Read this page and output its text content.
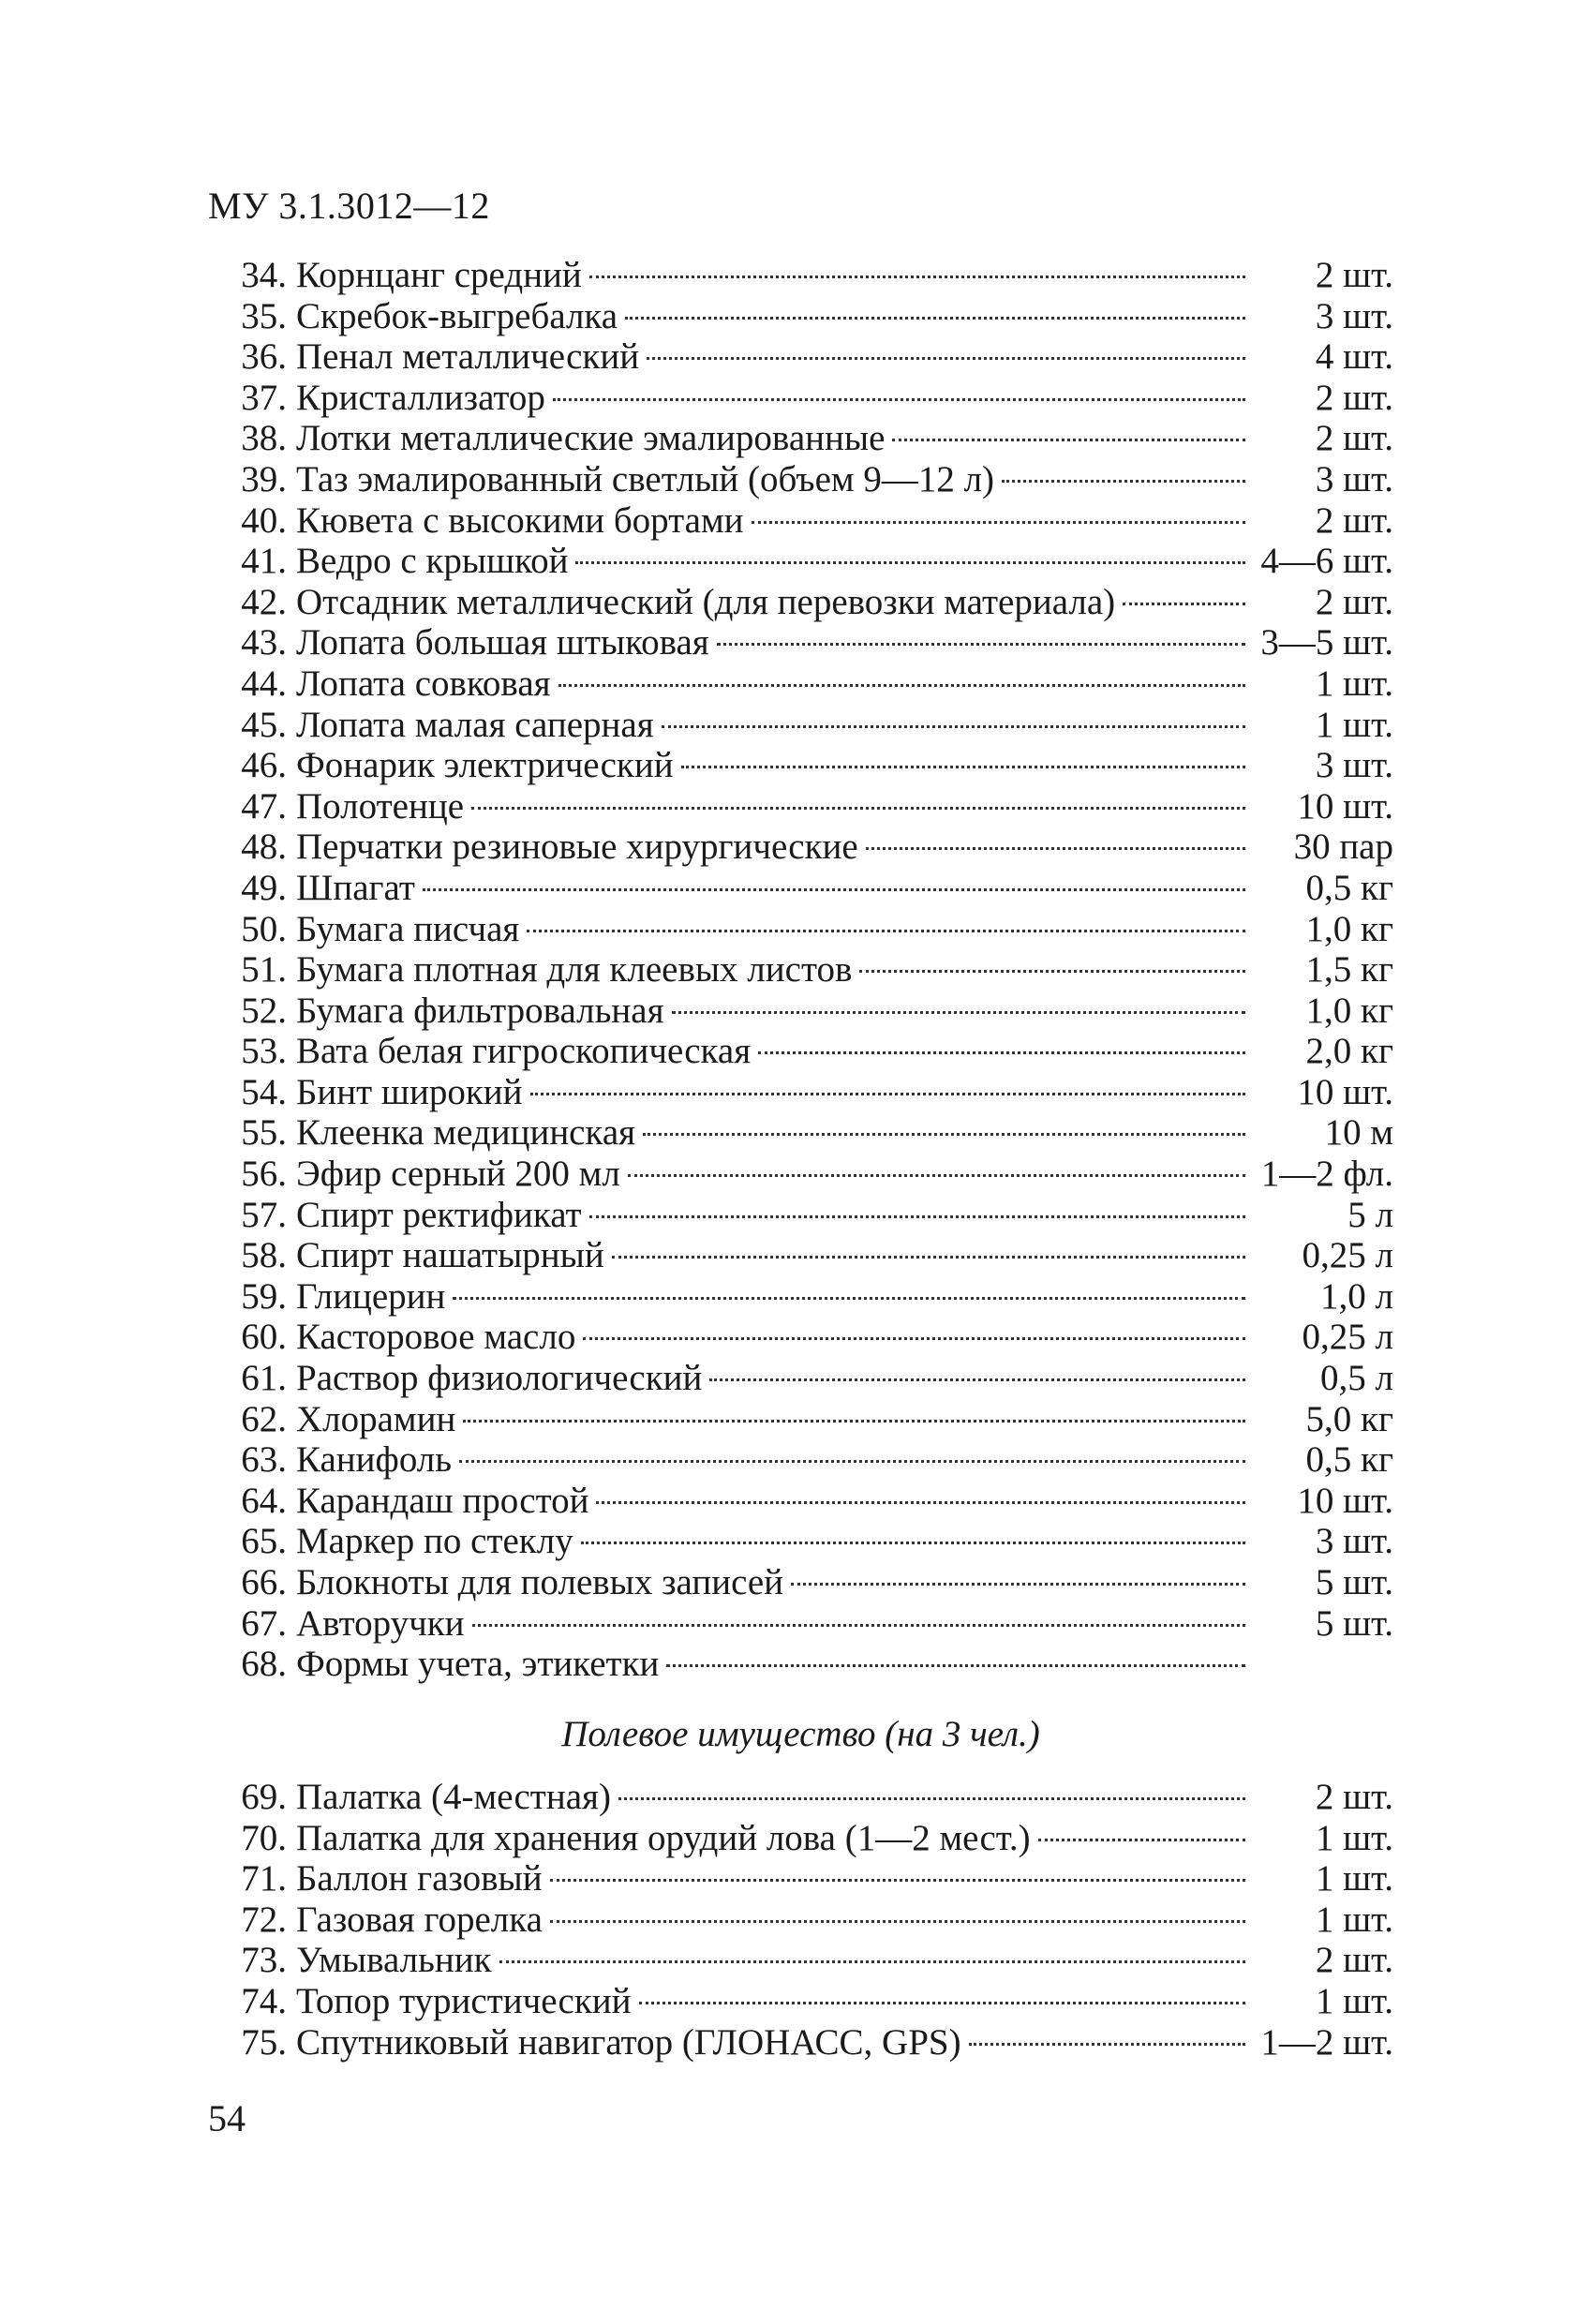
МУ 3.1.3012—12
34. Корнцанг средний	2 шт.
35. Скребок-выгребалка	3 шт.
36. Пенал металлический	4 шт.
37. Кристаллизатор	2 шт.
38. Лотки металлические эмалированные	2 шт.
39. Таз эмалированный светлый (объем 9—12 л)	3 шт.
40. Кювета с высокими бортами	2 шт.
41. Ведро с крышкой	4—6 шт.
42. Отсадник металлический (для перевозки материала)	2 шт.
43. Лопата большая штыковая	3—5 шт.
44. Лопата совковая	1 шт.
45. Лопата малая саперная	1 шт.
46. Фонарик электрический	3 шт.
47. Полотенце	10 шт.
48. Перчатки резиновые хирургические	30 пар
49. Шпагат	0,5 кг
50. Бумага писчая	1,0 кг
51. Бумага плотная для клеевых листов	1,5 кг
52. Бумага фильтровальная	1,0 кг
53. Вата белая гигроскопическая	2,0 кг
54. Бинт широкий	10 шт.
55. Клеенка медицинская	10 м
56. Эфир серный 200 мл	1—2 фл.
57. Спирт ректификат	5 л
58. Спирт нашатырный	0,25 л
59. Глицерин	1,0 л
60. Касторовое масло	0,25 л
61. Раствор физиологический	0,5 л
62. Хлорамин	5,0 кг
63. Канифоль	0,5 кг
64. Карандаш простой	10 шт.
65. Маркер по стеклу	3 шт.
66. Блокноты для полевых записей	5 шт.
67. Авторучки	5 шт.
68. Формы учета, этикетки
Полевое имущество (на 3 чел.)
69. Палатка (4-местная)	2 шт.
70. Палатка для хранения орудий лова (1—2 мест.)	1 шт.
71. Баллон газовый	1 шт.
72. Газовая горелка	1 шт.
73. Умывальник	2 шт.
74. Топор туристический	1 шт.
75. Спутниковый навигатор (ГЛОНАСС, GPS)	1—2 шт.
54
